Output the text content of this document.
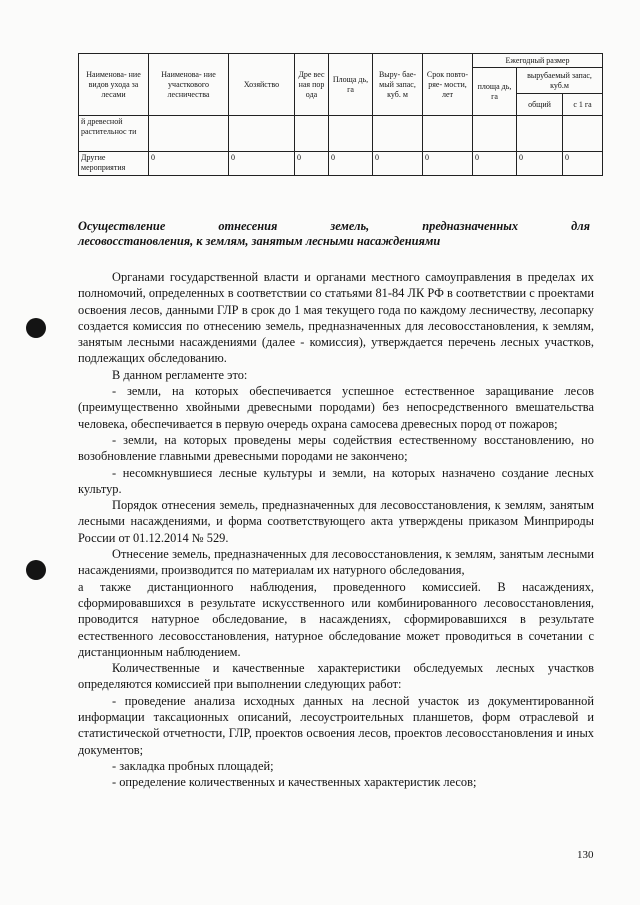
Наименова- ние видов ухода за лесами	Наименова- ние участкового лесничества	Хозяйство	Дре вес ная пор ода	Площа дь, га	Выру- бае- мый запас, куб. м	Срок повто- ряе- мости, лет	Ежегодный размер		
							площа дь, га	вырубаемый запас, куб.м	
								общий	с 1 га
й древесной растительнос ти									
Другие мероприятия	0	0	0	0	0	0	0	0	0
Осуществление	отнесения	земель,	предназначенных	для
лесовосстановления, к землям, занятым лесными насаждениями

Органами государственной власти и органами местного самоуправления в пределах их полномочий, определенных в соответствии со статьями 81-84 ЛК РФ в соответствии с проектами освоения лесов, данными ГЛР в срок до 1 мая текущего года по каждому лесничеству, лесопарку создается комиссия по отнесению земель, предназначенных для лесовосстановления, к землям, занятым лесными насаждениями (далее - комиссия), утверждается перечень лесных участков, подлежащих обследованию.

В данном регламенте это:

- земли, на которых обеспечивается успешное естественное заращивание лесов (преимущественно хвойными древесными породами) без непосредственного вмешательства человека, обеспечивается в первую очередь охрана самосева древесных пород от пожаров;

- земли, на которых проведены меры содействия естественному восстановлению, но возобновление главными древесными породами не закончено;

- несомкнувшиеся лесные культуры и земли, на которых назначено создание лесных культур.

Порядок отнесения земель, предназначенных для лесовосстановления, к землям, занятым лесными насаждениями, и форма соответствующего акта утверждены приказом Минприроды России от 01.12.2014 № 529.

Отнесение земель, предназначенных для лесовосстановления, к землям, занятым лесными насаждениями, производится по материалам их натурного обследования,

а также дистанционного наблюдения, проведенного комиссией. В насаждениях, сформировавшихся в результате искусственного или комбинированного лесовосстановления, проводится натурное обследование, в насаждениях, сформировавшихся в результате естественного лесовосстановления, натурное обследование может проводиться в сочетании с дистанционным наблюдением.

Количественные и качественные характеристики обследуемых лесных участков определяются комиссией при выполнении следующих работ:

- проведение анализа исходных данных на лесной участок из документированной информации таксационных описаний, лесоустроительных планшетов, форм отраслевой и статистической отчетности, ГЛР, проектов освоения лесов, проектов лесовосстановления и иных документов;

- закладка пробных площадей;

- определение количественных и качественных характеристик лесов;

130
